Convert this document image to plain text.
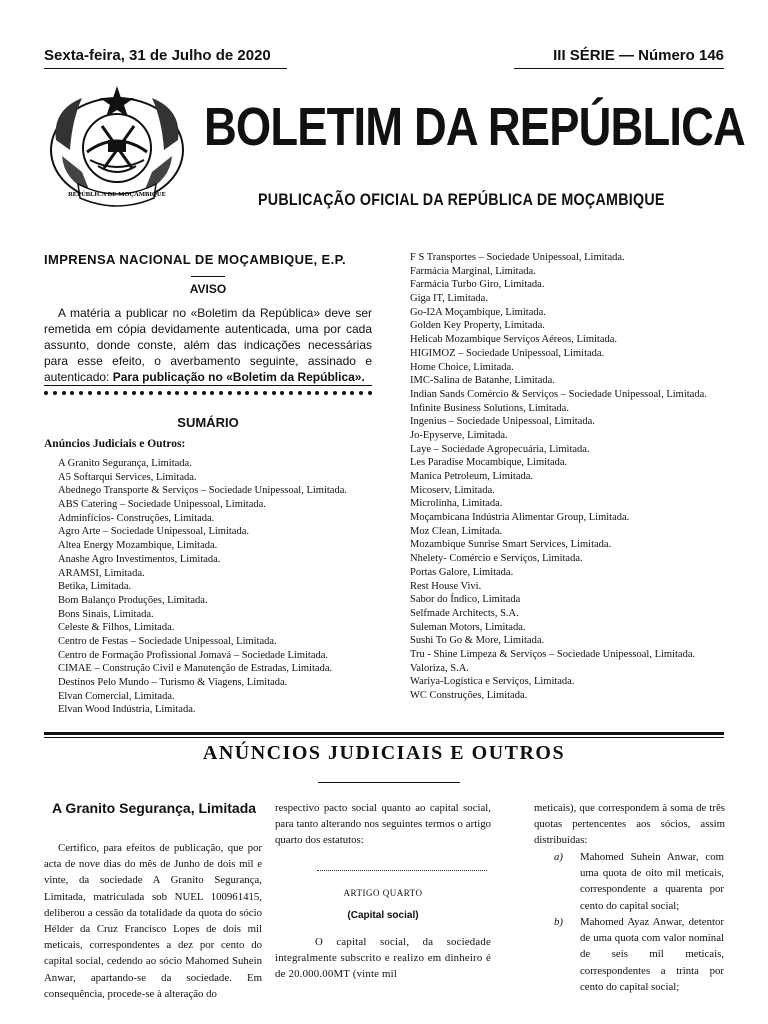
Sexta-feira, 31 de Julho de 2020	III SÉRIE — Número 146
REPÚBLICA DE MOÇAMBIQUE
BOLETIM DA REPÚBLICA
PUBLICAÇÃO OFICIAL DA REPÚBLICA DE MOÇAMBIQUE
IMPRENSA NACIONAL DE MOÇAMBIQUE, E.P.
AVISO
A matéria a publicar no «Boletim da República» deve ser remetida em cópia devidamente autenticada, uma por cada assunto, donde conste, além das indicações necessárias para esse efeito, o averbamento seguinte, assinado e autenticado: Para publicação no «Boletim da República».
SUMÁRIO
Anúncios Judiciais e Outros:
A Granito Segurança, Limitada.
A5 Softarqui Services, Limitada.
Abednego Transporte & Serviços – Sociedade Unipessoal, Limitada.
ABS Catering – Sociedade Unipessoal, Limitada.
Adminfícios- Construções, Limitada.
Agro Arte – Sociedade Unipessoal, Limitada.
Altea Energy Mozambique, Limitada.
Anashe Agro Investimentos, Limitada.
ARAMSI, Limitada.
Betika, Limitada.
Bom Balanço Produções, Limitada.
Bons Sinais, Limitada.
Celeste & Filhos, Limitada.
Centro de Festas – Sociedade Unipessoal, Limitada.
Centro de Formação Profissional Jomavá – Sociedade Limitada.
CIMAE – Construção Civil e Manutenção de Estradas, Limitada.
Destinos Pelo Mundo – Turismo & Viagens, Limitada.
Elvan Comercial, Limitada.
Elvan Wood Indústria, Limitada.
F S Transportes – Sociedade Unipessoal, Limitada.
Farmácia Marginal, Limitada.
Farmácia Turbo Giro, Limitada.
Giga IT, Limitada.
Go-I2A Moçambique, Limitada.
Golden Key Property, Limitada.
Helicab Mozambique Serviços Aéreos, Limitada.
HIGIMOZ – Sociedade Unipessoal, Limitada.
Home Choice, Limitada.
IMC-Salina de Batanhe, Limitada.
Indian Sands Comércio & Serviços – Sociedade Unipessoal, Limitada.
Infinite Business Solutions, Limitada.
Ingenius – Sociedade Unipessoal, Limitada.
Jo-Epyserve, Limitada.
Laye – Sociedade Agropecuária, Limitada.
Les Paradise Mocambique, Limitada.
Manica Petroleum, Limitada.
Micoserv, Limitada.
Microlinha, Limitada.
Moçambicana Indústria Alimentar Group, Limitada.
Moz Clean, Limitada.
Mozambique Sunrise Smart Services, Limitada.
Nhelety- Comércio e Serviços, Limitada.
Portas Galore, Limitada.
Rest House Vivi.
Sabor do Índico, Limitada
Selfmade Architects, S.A.
Suleman Motors, Limitada.
Sushi To Go & More, Limitada.
Tru - Shine Limpeza & Serviços – Sociedade Unipessoal, Limitada.
Valoriza, S.A.
Wariya-Logística e Serviços, Limitada.
WC Construções, Limitada.
ANÚNCIOS JUDICIAIS E OUTROS
A Granito Segurança, Limitada
Certifico, para efeitos de publicação, que por acta de nove dias do mês de Junho de dois mil e vinte, da sociedade A Granito Segurança, Limitada, matriculada sob NUEL 100961415, deliberou a cessão da totalidade da quota do sócio Hélder da Cruz Francisco Lopes de dois mil meticais, correspondentes a dez por cento do capital social, cedendo ao sócio Mahomed Suhein Anwar, apartando-se da sociedade. Em consequência, procede-se à alteração do
respectivo pacto social quanto ao capital social, para tanto alterando nos seguintes termos o artigo quarto dos estatutos:
ARTIGO QUARTO
(Capital social)
O capital social, da sociedade integralmente subscrito e realizo em dinheiro é de 20.000.00MT (vinte mil
meticais), que correspondem à soma de três quotas pertencentes aos sócios, assim distribuídas:
a) Mahomed Suhein Anwar, com uma quota de oito mil meticais, correspondente a quarenta por cento do capital social;
b) Mahomed Ayaz Anwar, detentor de uma quota com valor nominal de seis mil meticais, correspondentes a trinta por cento do capital social;
